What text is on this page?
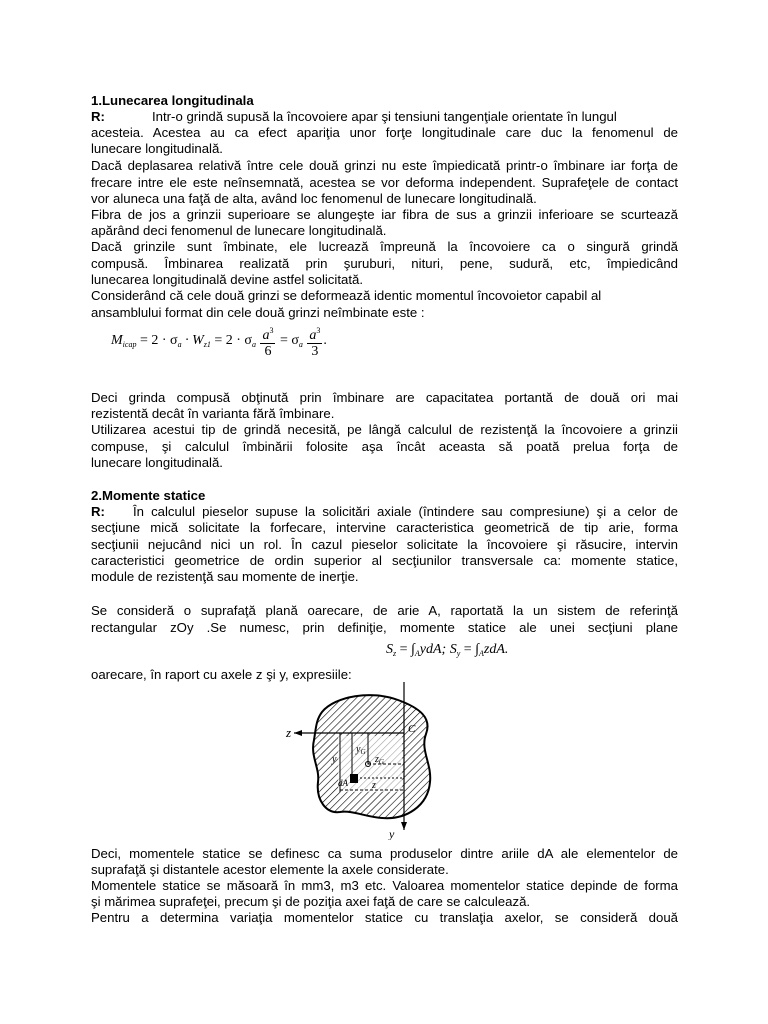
1.Lunecarea longitudinala
R:	Intr-o grindă supusă la încovoiere apar şi tensiuni tangenţiale orientate în lungul
acesteia. Acestea au ca efect apariţia unor forţe longitudinale care duc la fenomenul de
lunecare longitudinală.
Dacă deplasarea relativă între cele două grinzi nu este împiedicată printr-o îmbinare iar forţa de
frecare intre ele este neînsemnată, acestea se vor deforma independent. Suprafeţele de contact
vor aluneca una faţă de alta, având loc fenomenul de lunecare longitudinală.
Fibra de jos a grinzii superioare se alungeşte iar fibra de sus a grinzii inferioare se scurtează
apărând deci fenomenul de lunecare longitudinală.
Dacă grinzile sunt îmbinate, ele lucrează împreună la încovoiere ca o singură grindă
compusă. Îmbinarea realizată prin şuruburi, nituri, pene, sudură, etc, împiedicând
lunecarea longitudinală devine astfel solicitată.
Considerând că cele două grinzi se deformează identic momentul încovoietor capabil al
ansamblului format din cele două grinzi neîmbinate este :
$M_{icap} = 2 \cdot \sigma_a \cdot W_{z1} = 2 \cdot \sigma_a \frac{a^3}{6} = \sigma_a \frac{a^3}{3}$ .
Deci grinda compusă obţinută prin îmbinare are capacitatea portantă de două ori mai
rezistentă decât în varianta fără îmbinare.
Utilizarea acestui tip de grindă necesită, pe lângă calculul de rezistenţă la încovoiere a grinzii
compuse, şi calculul îmbinării folosite aşa încât aceasta să poată prelua forţa de
lunecare longitudinală.
2.Momente statice
R: În calculul pieselor supuse la solicitări axiale (întindere sau compresiune) şi a celor de
secţiune mică solicitate la forfecare, intervine caracteristica geometrică de tip arie, forma
secţiunii nejucând nici un rol. În cazul pieselor solicitate la încovoiere şi răsucire, intervin
caracteristici geometrice de ordin superior al secţiunilor transversale ca: momente statice,
module de rezistenţă sau momente de inerţie.
Se consideră o suprafaţă plană oarecare, de arie A, raportată la un sistem de referinţă
rectangular zOy .Se numesc, prin definiţie, momente statice ale unei secţiuni plane
$S_z = \int_AydA$; $S_y = \int_AzdA$.
oarecare, în raport cu axele z şi y, expresiile:
z
y
C
$y_G$
y	$z_G$
z
dA
Deci, momentele statice se definesc ca suma produselor dintre ariile dA ale elementelor de
suprafaţă şi distantele acestor elemente la axele considerate.
Momentele statice se măsoară în mm3, m3 etc. Valoarea momentelor statice depinde de forma
şi mărimea suprafeţei, precum şi de poziţia axei faţă de care se calculează.
Pentru a determina variaţia momentelor statice cu translaţia axelor, se consideră două
